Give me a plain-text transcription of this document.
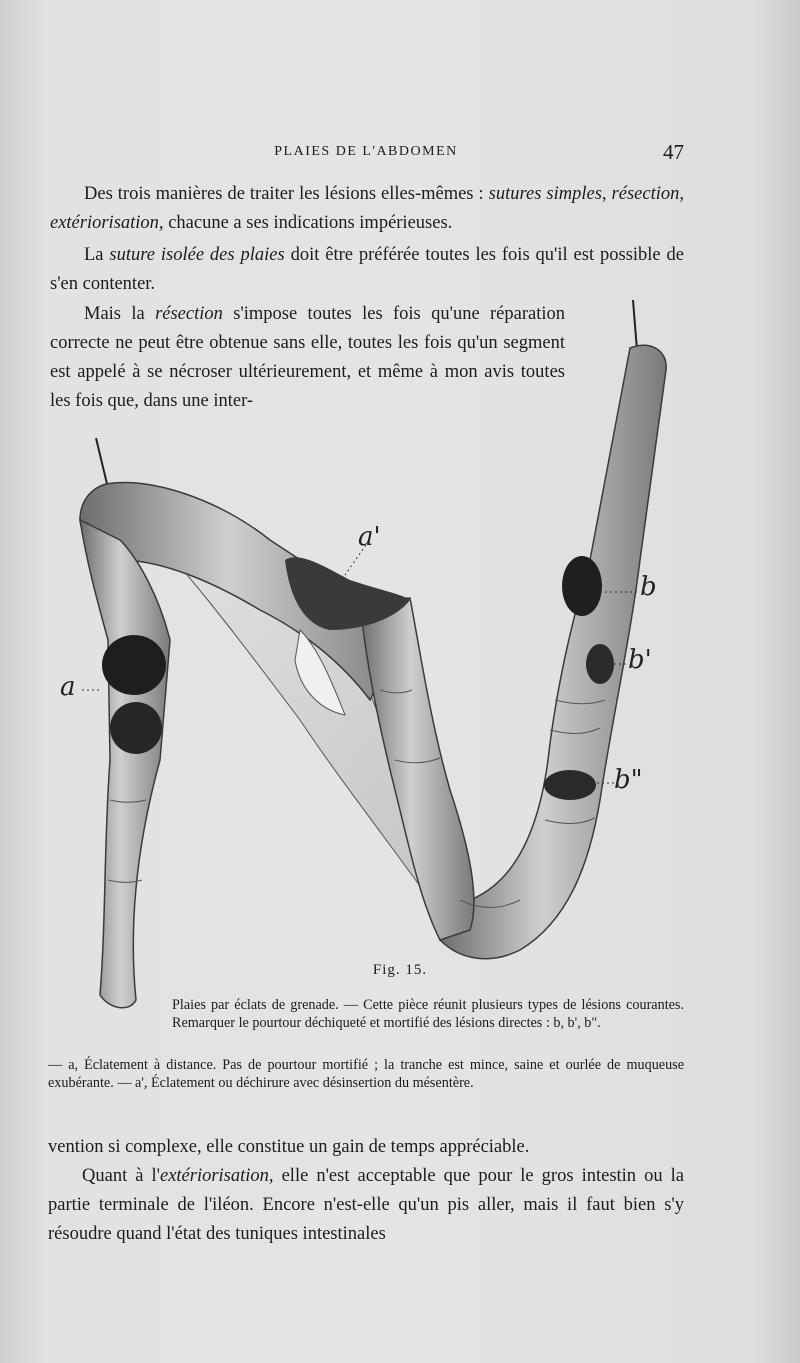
PLAIES DE L'ABDOMEN	47

Des trois manières de traiter les lésions elles-mêmes : sutures simples, résection, extériorisation, chacune a ses indications impérieuses.

La suture isolée des plaies doit être préférée toutes les fois qu'il est possible de s'en contenter.

Mais la résection s'impose toutes les fois qu'une réparation correcte ne peut être obtenue sans elle, toutes les fois qu'un segment est appelé à se nécroser ultérieurement, et même à mon avis toutes les fois que, dans une inter-

a
a'
b
b'
b"
Fig. 15.

Plaies par éclats de grenade. — Cette pièce réunit plusieurs types de lésions courantes. Remarquer le pourtour déchiqueté et mortifié des lésions directes : b, b', b".

— a, Éclatement à distance. Pas de pourtour mortifié ; la tranche est mince, saine et ourlée de muqueuse exubérante. — a', Éclatement ou déchirure avec désinsertion du mésentère.

vention si complexe, elle constitue un gain de temps appréciable.

Quant à l'extériorisation, elle n'est acceptable que pour le gros intestin ou la partie terminale de l'iléon. Encore n'est-elle qu'un pis aller, mais il faut bien s'y résoudre quand l'état des tuniques intestinales
